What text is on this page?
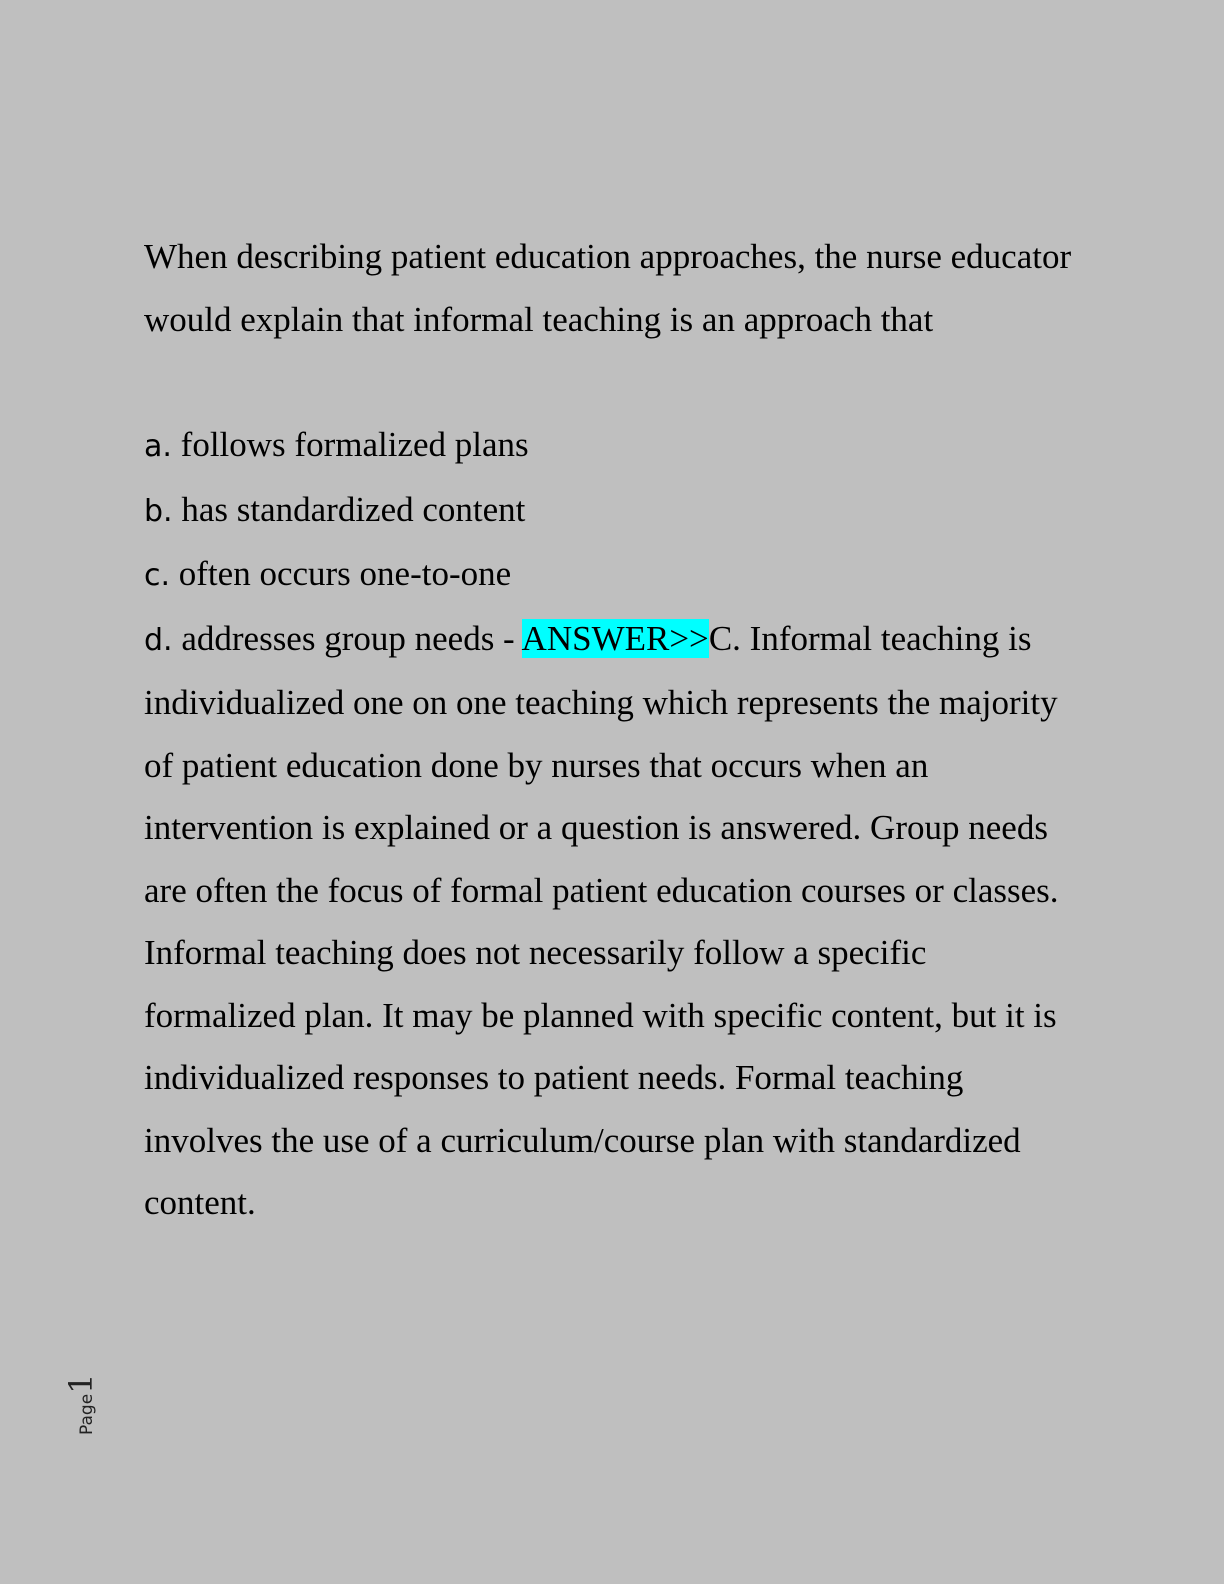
When describing patient education approaches, the nurse educator would explain that informal teaching is an approach that

a. follows formalized plans

b. has standardized content

c. often occurs one-to-one

d. addresses group needs - ANSWER>>C. Informal teaching is individualized one on one teaching which represents the majority of patient education done by nurses that occurs when an intervention is explained or a question is answered. Group needs are often the focus of formal patient education courses or classes. Informal teaching does not necessarily follow a specific formalized plan. It may be planned with specific content, but it is individualized responses to patient needs. Formal teaching involves the use of a curriculum/course plan with standardized content.

Page1
